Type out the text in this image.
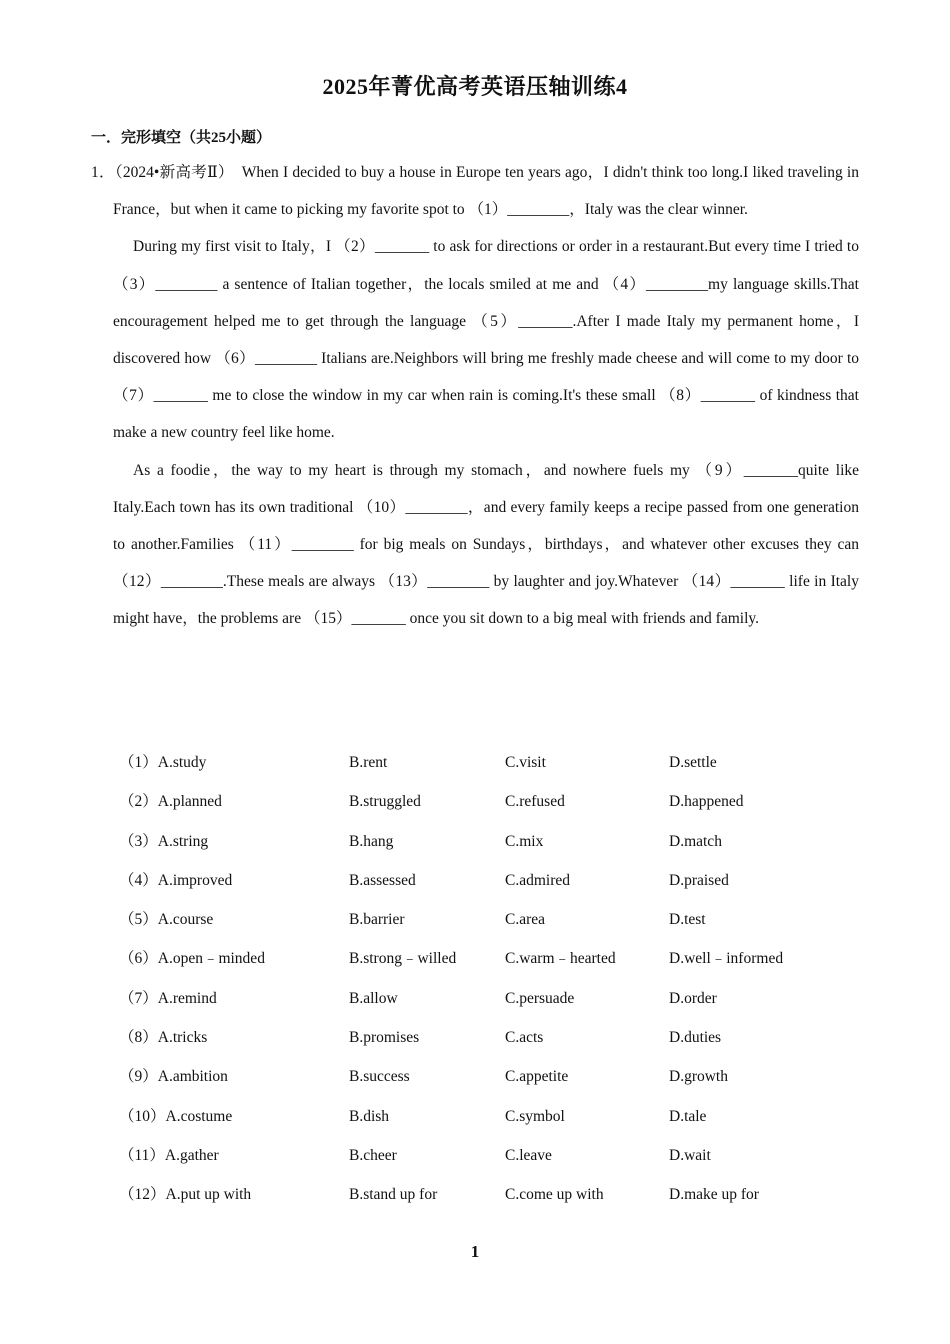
2025年菁优高考英语压轴训练4
一．完形填空（共25小题）
1．（2024•新高考Ⅱ）　 When I decided to buy a house in Europe ten years ago，I didn't think too long.I liked traveling in France，but when it came to picking my favorite spot to （1）________，Italy was the clear winner.
During my first visit to Italy，I （2）_______ to ask for directions or order in a restaurant.But every time I tried to （3）________ a sentence of Italian together，the locals smiled at me and （4）________my language skills.That encouragement helped me to get through the language （5）_______.After I made Italy my permanent home，I discovered how （6）________ Italians are.Neighbors will bring me freshly made cheese and will come to my door to （7）_______ me to close the window in my car when rain is coming.It's these small （8）_______ of kindness that make a new country feel like home.
As a foodie，the way to my heart is through my stomach，and nowhere fuels my （9）_______quite like Italy.Each town has its own traditional （10）________，and every family keeps a recipe passed from one generation to another.Families （11）________ for big meals on Sundays，birthdays，and whatever other excuses they can （12）________.These meals are always （13）________ by laughter and joy.Whatever （14）_______ life in Italy might have，the problems are （15）_______ once you sit down to a big meal with friends and family.
（1）A.study	B.rent	C.visit	D.settle
（2）A.planned	B.struggled	C.refused	D.happened
（3）A.string	B.hang	C.mix	D.match
（4）A.improved	B.assessed	C.admired	D.praised
（5）A.course	B.barrier	C.area	D.test
（6）A.open﹣minded	B.strong﹣willed	C.warm﹣hearted	D.well﹣informed
（7）A.remind	B.allow	C.persuade	D.order
（8）A.tricks	B.promises	C.acts	D.duties
（9）A.ambition	B.success	C.appetite	D.growth
（10）A.costume	B.dish	C.symbol	D.tale
（11）A.gather	B.cheer	C.leave	D.wait
（12）A.put up with	B.stand up for	C.come up with	D.make up for
1
